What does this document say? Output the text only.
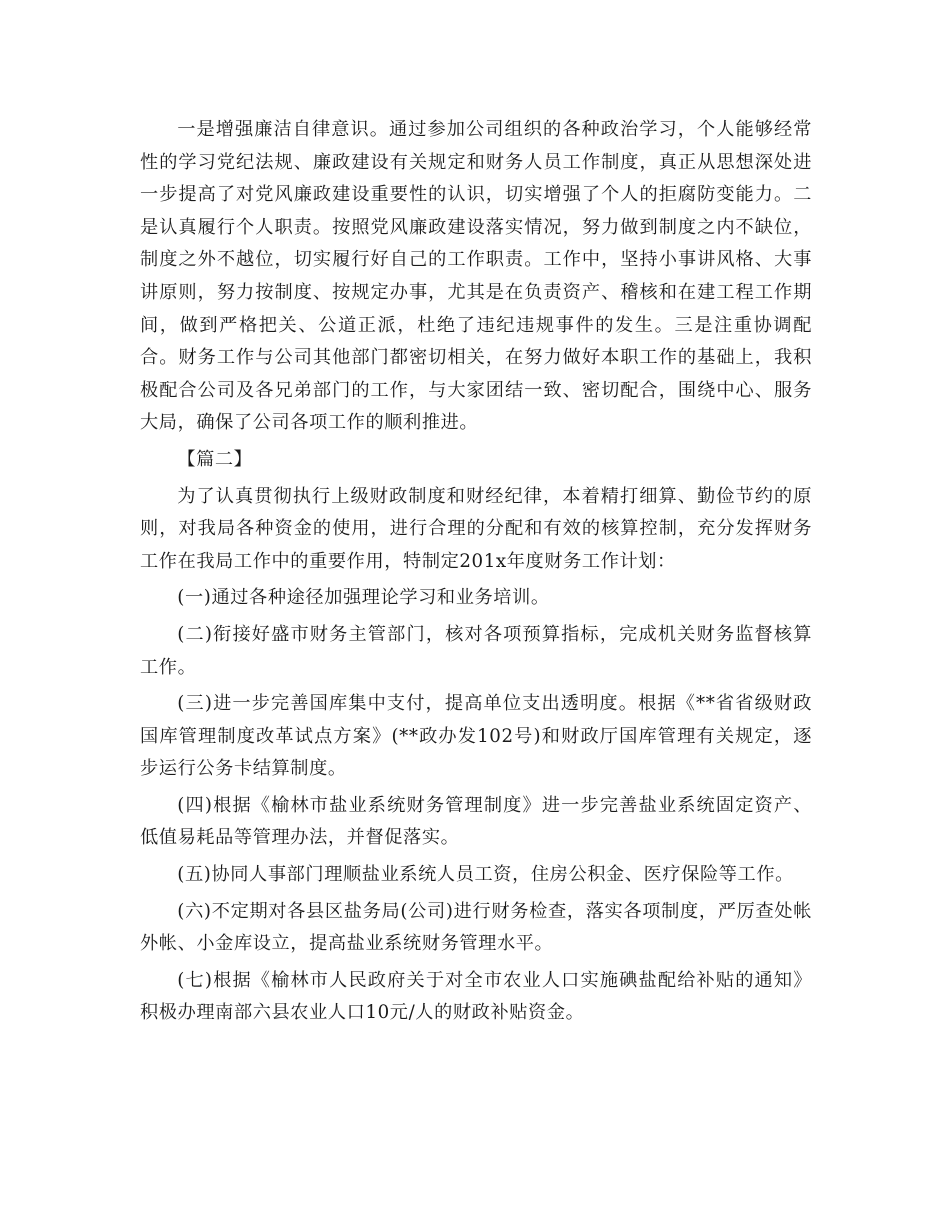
一是增强廉洁自律意识。通过参加公司组织的各种政治学习，个人能够经常性的学习党纪法规、廉政建设有关规定和财务人员工作制度，真正从思想深处进一步提高了对党风廉政建设重要性的认识，切实增强了个人的拒腐防变能力。二是认真履行个人职责。按照党风廉政建设落实情况，努力做到制度之内不缺位，制度之外不越位，切实履行好自己的工作职责。工作中，坚持小事讲风格、大事讲原则，努力按制度、按规定办事，尤其是在负责资产、稽核和在建工程工作期间，做到严格把关、公道正派，杜绝了违纪违规事件的发生。三是注重协调配合。财务工作与公司其他部门都密切相关，在努力做好本职工作的基础上，我积极配合公司及各兄弟部门的工作，与大家团结一致、密切配合，围绕中心、服务大局，确保了公司各项工作的顺利推进。

【篇二】

为了认真贯彻执行上级财政制度和财经纪律，本着精打细算、勤俭节约的原则，对我局各种资金的使用，进行合理的分配和有效的核算控制，充分发挥财务工作在我局工作中的重要作用，特制定201x年度财务工作计划：

(一)通过各种途径加强理论学习和业务培训。

(二)衔接好盛市财务主管部门，核对各项预算指标，完成机关财务监督核算工作。

(三)进一步完善国库集中支付，提高单位支出透明度。根据《**省省级财政国库管理制度改革试点方案》(**政办发102号)和财政厅国库管理有关规定，逐步运行公务卡结算制度。

(四)根据《榆林市盐业系统财务管理制度》进一步完善盐业系统固定资产、低值易耗品等管理办法，并督促落实。

(五)协同人事部门理顺盐业系统人员工资，住房公积金、医疗保险等工作。

(六)不定期对各县区盐务局(公司)进行财务检查，落实各项制度，严厉查处帐外帐、小金库设立，提高盐业系统财务管理水平。

(七)根据《榆林市人民政府关于对全市农业人口实施碘盐配给补贴的通知》积极办理南部六县农业人口10元/人的财政补贴资金。
